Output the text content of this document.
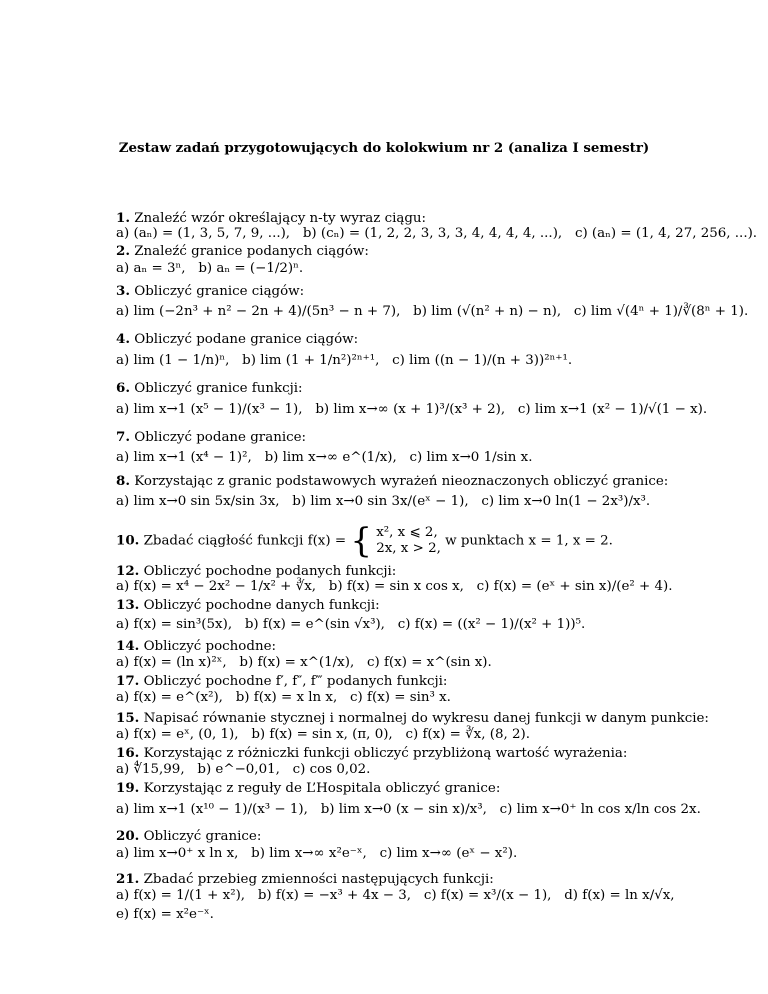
Zestaw zadań przygotowujących do kolokwium nr 2 (analiza I semestr)
1. Znaleźć wzór określający n-ty wyraz ciągu:
a) (aₙ) = (1, 3, 5, 7, 9, ...), b) (cₙ) = (1, 2, 2, 3, 3, 3, 4, 4, 4, 4, ...), c) (aₙ) = (1, 4, 27, 256, ...).
2. Znaleźć granice podanych ciągów:
a) aₙ = 3ⁿ, b) aₙ = (−1/2)ⁿ.
3. Obliczyć granice ciągów:
a) lim (−2n³ + n² − 2n + 4)/(5n³ − n + 7), b) lim (√(n² + n) − n), c) lim √(4ⁿ + 1)/∛(8ⁿ + 1).
4. Obliczyć podane granice ciągów:
a) lim (1 − 1/n)ⁿ, b) lim (1 + 1/n²)²ⁿ⁺¹, c) lim ((n − 1)/(n + 3))²ⁿ⁺¹.
6. Obliczyć granice funkcji:
a) lim x→1 (x⁵ − 1)/(x³ − 1), b) lim x→∞ (x + 1)³/(x³ + 2), c) lim x→1 (x² − 1)/√(1 − x).
7. Obliczyć podane granice:
a) lim x→1 (x⁴ − 1)², b) lim x→∞ e^(1/x), c) lim x→0 1/sin x.
8. Korzystając z granic podstawowych wyrażeń nieoznaczonych obliczyć granice:
a) lim x→0 sin 5x/sin 3x, b) lim x→0 sin 3x/(eˣ − 1), c) lim x→0 ln(1 − 2x³)/x³.
10. Zbadać ciągłość funkcji f(x) = { x², x ⩽ 2,
2x, x > 2, w punktach x = 1, x = 2.
12. Obliczyć pochodne podanych funkcji:
a) f(x) = x⁴ − 2x² − 1/x² + ∛x, b) f(x) = sin x cos x, c) f(x) = (eˣ + sin x)/(e² + 4).
13. Obliczyć pochodne danych funkcji:
a) f(x) = sin³(5x), b) f(x) = e^(sin √x³), c) f(x) = ((x² − 1)/(x² + 1))⁵.
14. Obliczyć pochodne:
a) f(x) = (ln x)²ˣ, b) f(x) = x^(1/x), c) f(x) = x^(sin x).
17. Obliczyć pochodne f′, f″, f‴ podanych funkcji:
a) f(x) = e^(x²), b) f(x) = x ln x, c) f(x) = sin³ x.
15. Napisać równanie stycznej i normalnej do wykresu danej funkcji w danym punkcie:
a) f(x) = eˣ, (0, 1), b) f(x) = sin x, (π, 0), c) f(x) = ∛x, (8, 2).
16. Korzystając z różniczki funkcji obliczyć przybliżoną wartość wyrażenia:
a) ∜15,99, b) e^−0,01, c) cos 0,02.
19. Korzystając z reguły de L’Hospitala obliczyć granice:
a) lim x→1 (x¹⁰ − 1)/(x³ − 1), b) lim x→0 (x − sin x)/x³, c) lim x→0⁺ ln cos x/ln cos 2x.
20. Obliczyć granice:
a) lim x→0⁺ x ln x, b) lim x→∞ x²e⁻ˣ, c) lim x→∞ (eˣ − x²).
21. Zbadać przebieg zmienności następujących funkcji:
a) f(x) = 1/(1 + x²), b) f(x) = −x³ + 4x − 3, c) f(x) = x³/(x − 1), d) f(x) = ln x/√x,
e) f(x) = x²e⁻ˣ.
